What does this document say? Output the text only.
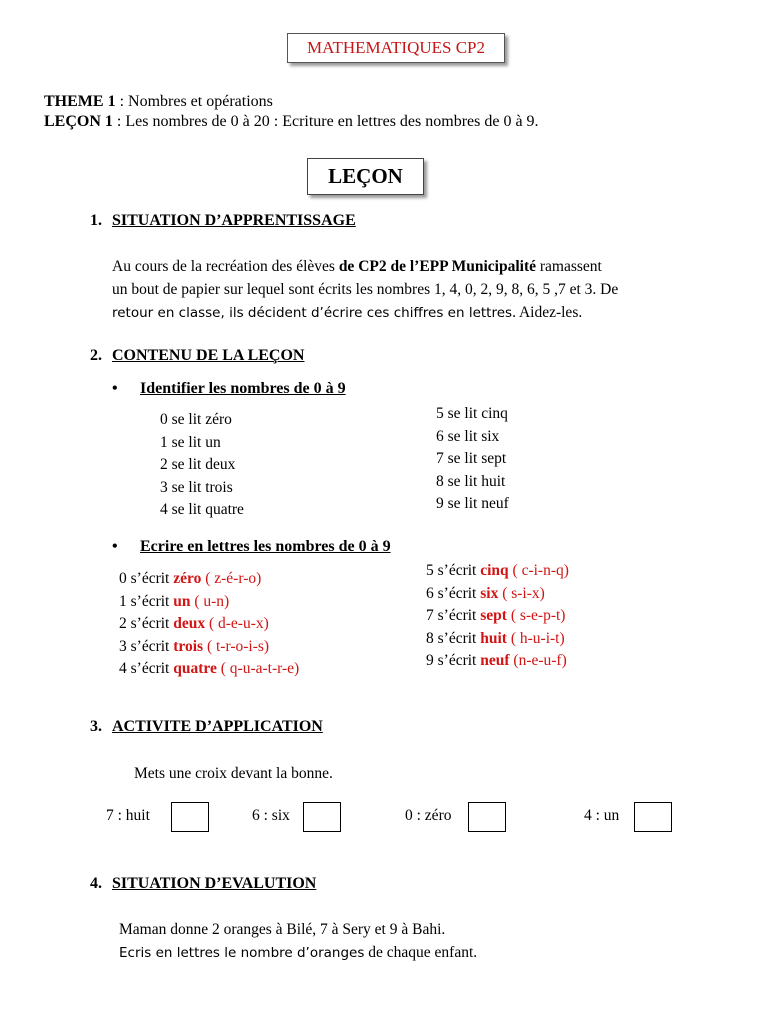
MATHEMATIQUES CP2
THEME 1 : Nombres et opérations
LEÇON 1 : Les nombres de 0 à 20 : Ecriture en lettres des nombres de 0 à 9.
LEÇON
1. SITUATION D’APPRENTISSAGE
Au cours de la recréation des élèves de CP2 de l’EPP Municipalité ramassent
un bout de papier sur lequel sont écrits les nombres 1, 4, 0, 2, 9, 8, 6, 5 ,7 et 3. De
retour en classe, ils décident d’écrire ces chiffres en lettres. Aidez-les.
2. CONTENU DE LA LEÇON
• Identifier les nombres de 0 à 9
0 se lit zéro
1 se lit un
2 se lit deux
3 se lit trois
4 se lit quatre
5 se lit cinq
6 se lit six
7 se lit sept
8 se lit huit
9 se lit neuf
• Ecrire en lettres les nombres de 0 à 9
0 s’écrit zéro ( z-é-r-o)
1 s’écrit un ( u-n)
2 s’écrit deux ( d-e-u-x)
3 s’écrit trois ( t-r-o-i-s)
4 s’écrit quatre ( q-u-a-t-r-e)
5 s’écrit cinq ( c-i-n-q)
6 s’écrit six ( s-i-x)
7 s’écrit sept ( s-e-p-t)
8 s’écrit huit ( h-u-i-t)
9 s’écrit neuf (n-e-u-f)
3. ACTIVITE D’APPLICATION
Mets une croix devant la bonne.
7 : huit	6 : six	0 : zéro	4 : un
4. SITUATION D’EVALUTION
Maman donne 2 oranges à Bilé, 7 à Sery et 9 à Bahi.
Ecris en lettres le nombre d’oranges de chaque enfant.
